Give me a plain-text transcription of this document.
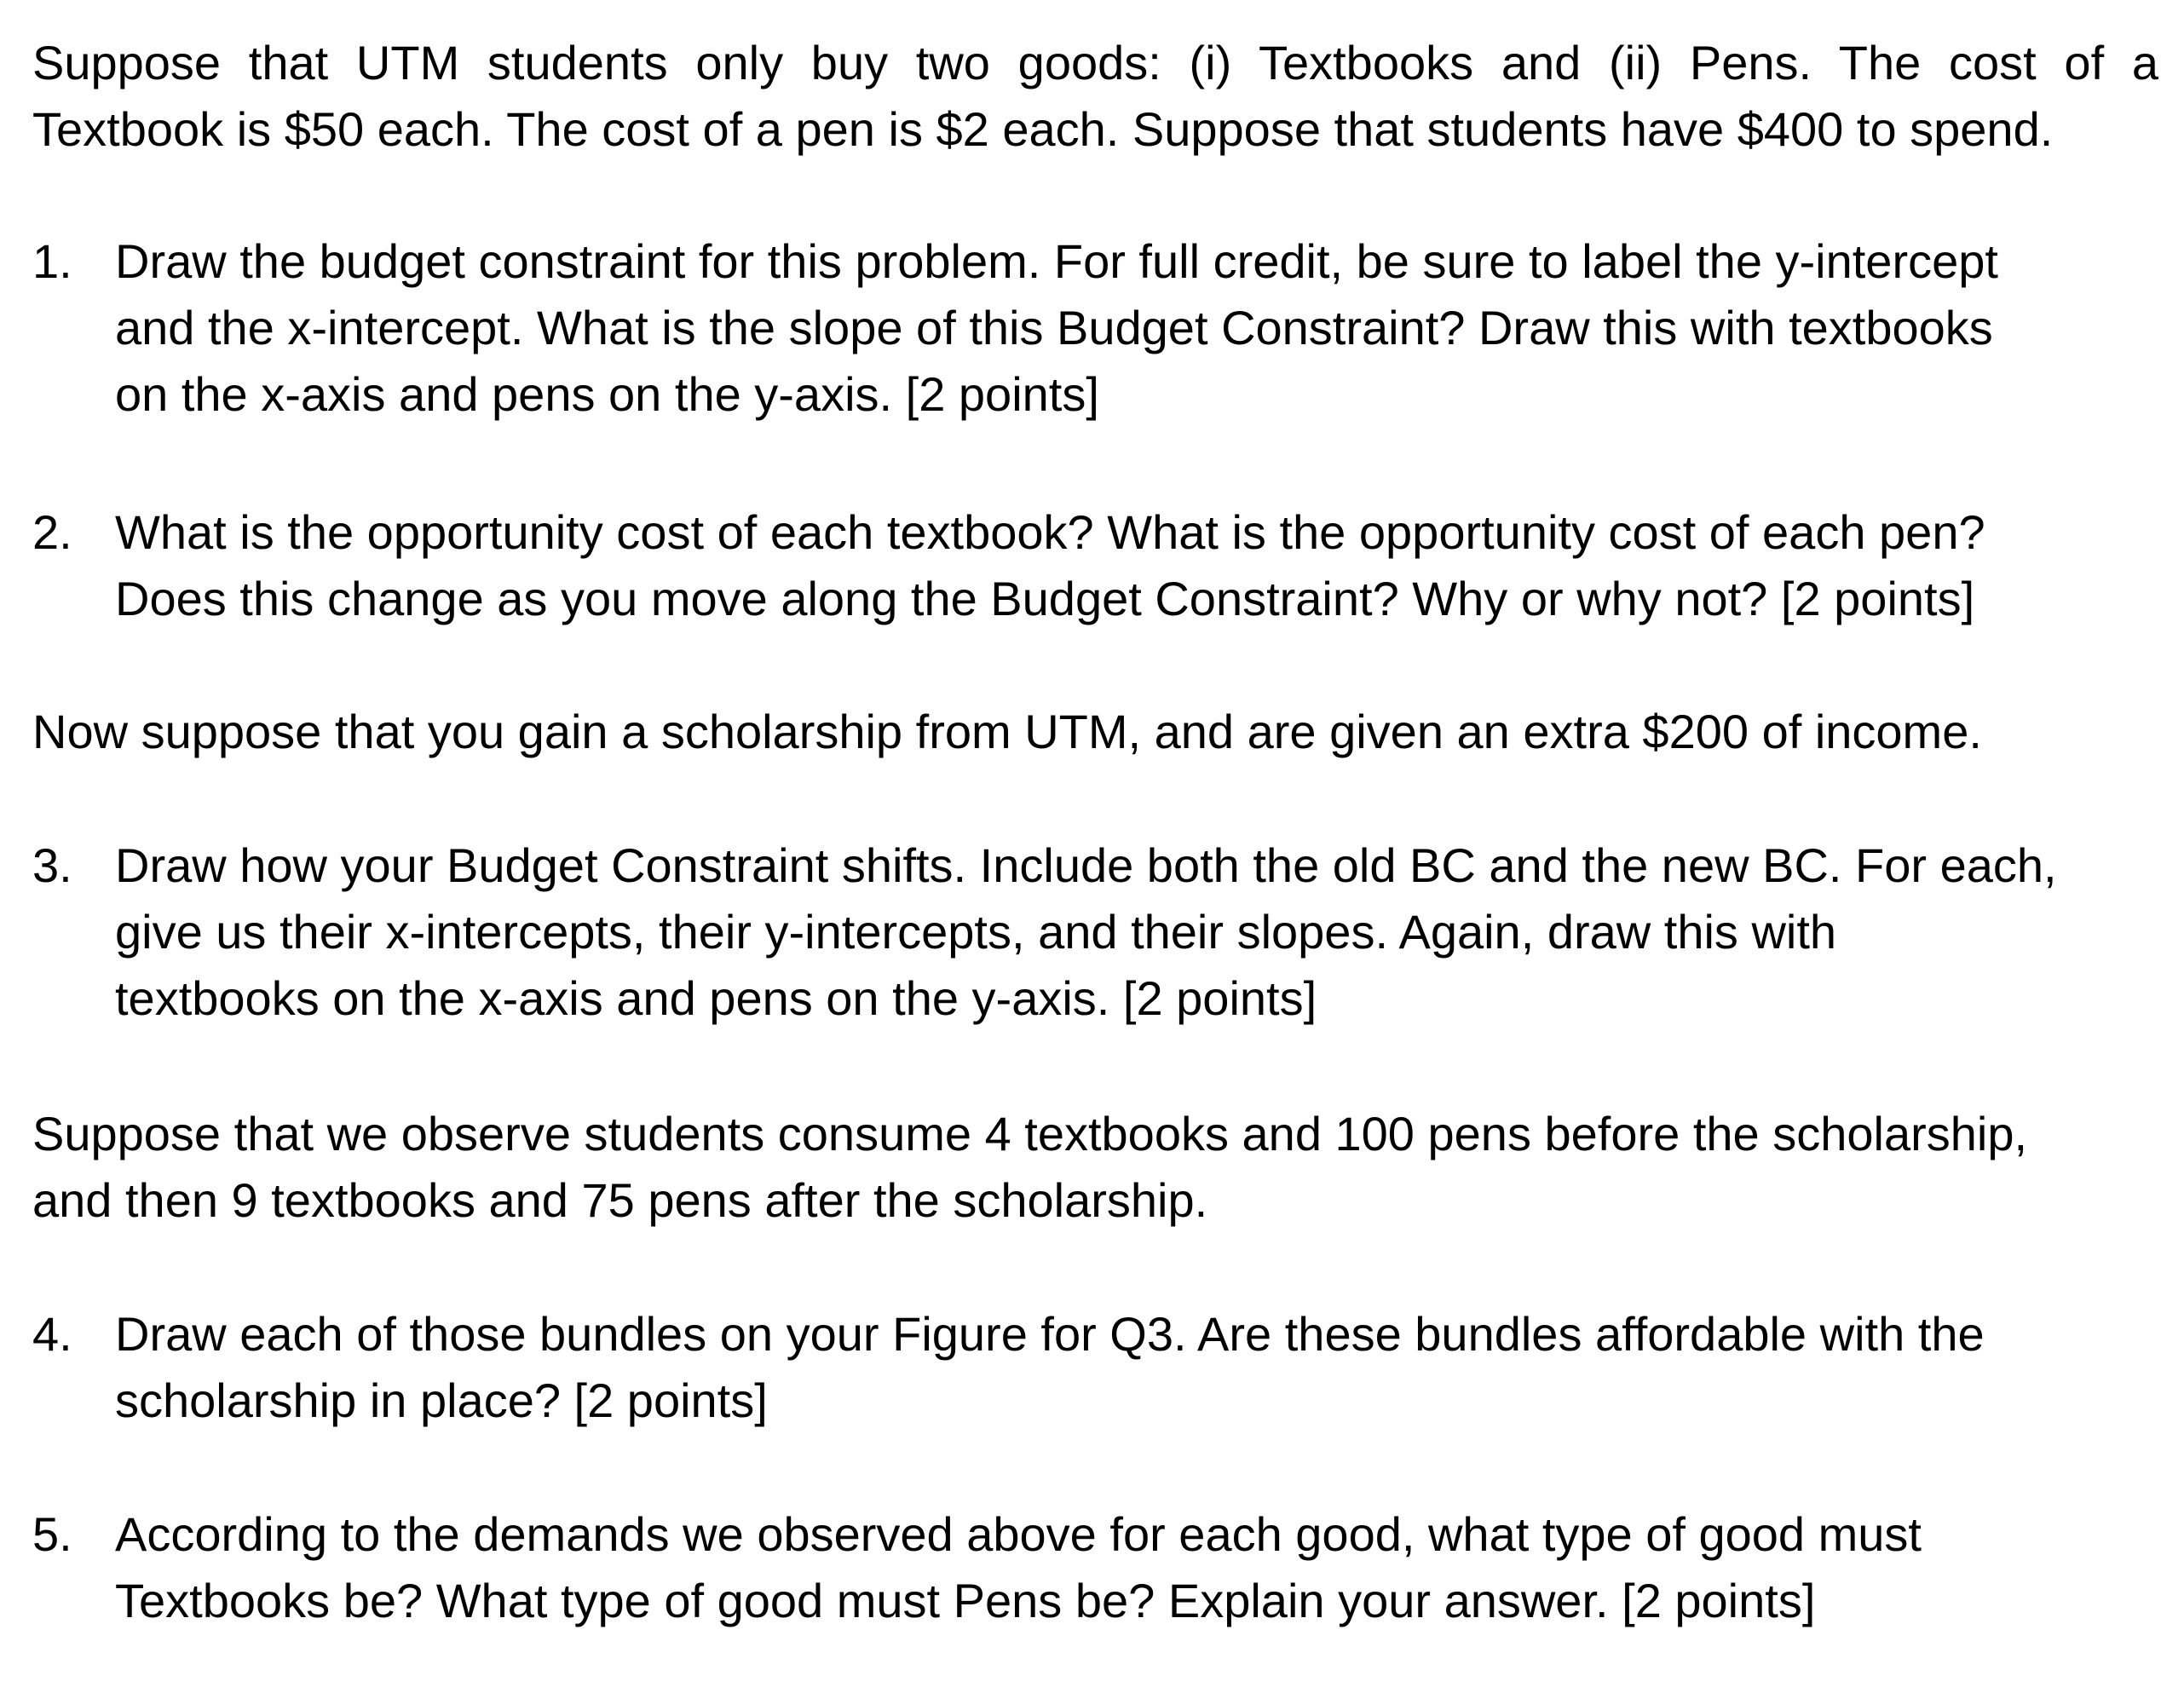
Suppose that UTM students only buy two goods: (i) Textbooks and (ii) Pens. The cost of a
Textbook is $50 each. The cost of a pen is $2 each. Suppose that students have $400 to spend.
1. Draw the budget constraint for this problem. For full credit, be sure to label the y-intercept
and the x-intercept. What is the slope of this Budget Constraint? Draw this with textbooks
on the x-axis and pens on the y-axis. [2 points]
2. What is the opportunity cost of each textbook? What is the opportunity cost of each pen?
Does this change as you move along the Budget Constraint? Why or why not? [2 points]
Now suppose that you gain a scholarship from UTM, and are given an extra $200 of income.
3. Draw how your Budget Constraint shifts. Include both the old BC and the new BC. For each,
give us their x-intercepts, their y-intercepts, and their slopes. Again, draw this with
textbooks on the x-axis and pens on the y-axis. [2 points]
Suppose that we observe students consume 4 textbooks and 100 pens before the scholarship,
and then 9 textbooks and 75 pens after the scholarship.
4. Draw each of those bundles on your Figure for Q3. Are these bundles affordable with the
scholarship in place? [2 points]
5. According to the demands we observed above for each good, what type of good must
Textbooks be? What type of good must Pens be? Explain your answer. [2 points]
